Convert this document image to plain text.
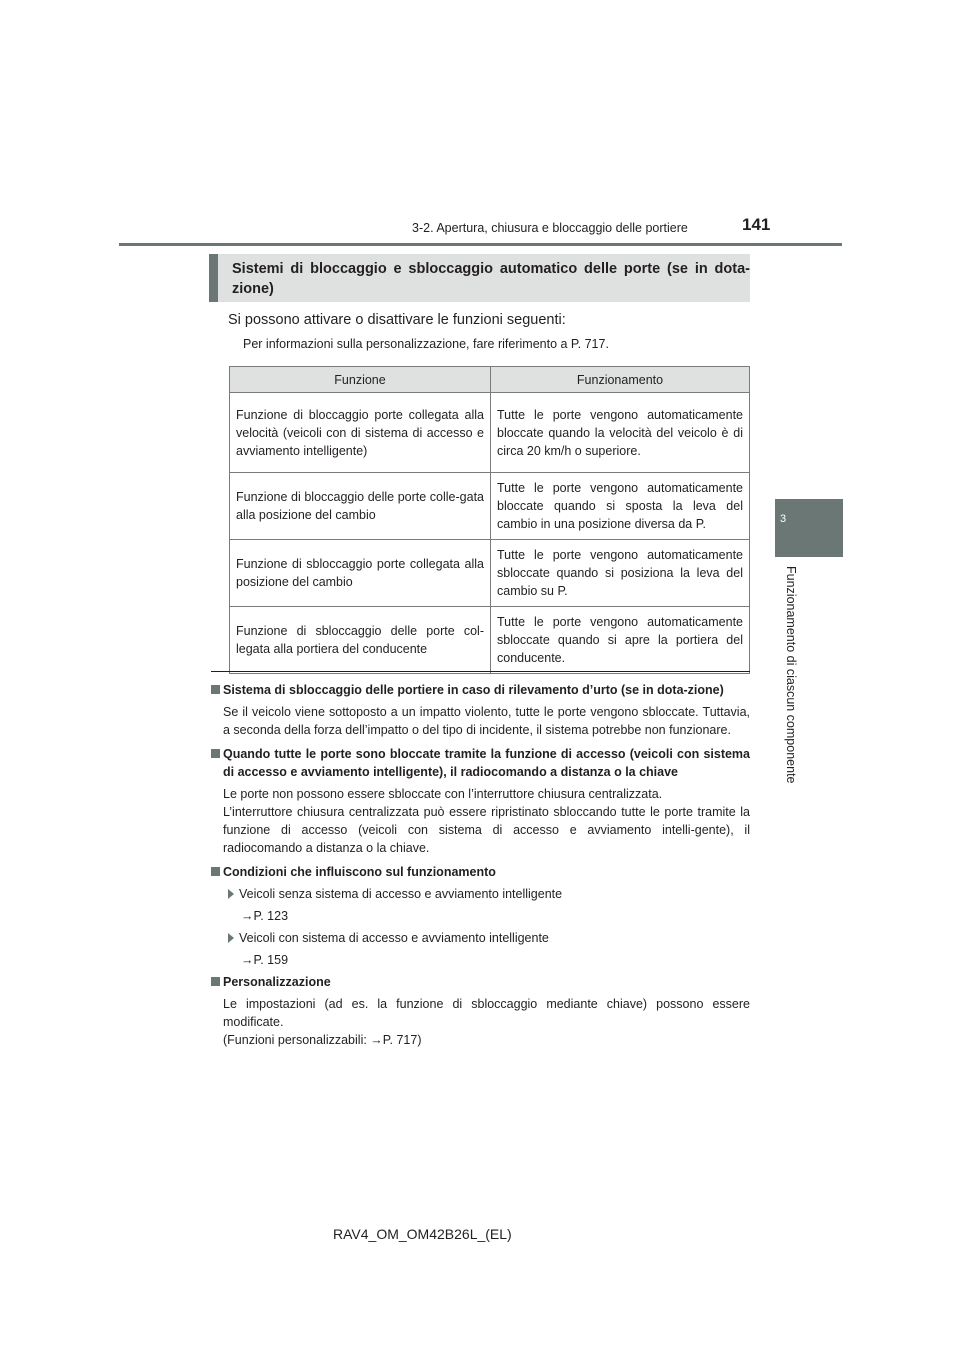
3-2. Apertura, chiusura e bloccaggio delle portiere	141
3
Funzionamento di ciascun componente
Sistemi di bloccaggio e sbloccaggio automatico delle porte (se in dota-zione)
Si possono attivare o disattivare le funzioni seguenti:
Per informazioni sulla personalizzazione, fare riferimento a P. 717.
Funzione	Funzionamento
Funzione di bloccaggio porte collegata alla velocità (veicoli con di sistema di accesso e avviamento intelligente)	Tutte le porte vengono automaticamente bloccate quando la velocità del veicolo è di circa 20 km/h o superiore.
Funzione di bloccaggio delle porte colle-gata alla posizione del cambio	Tutte le porte vengono automaticamente bloccate quando si sposta la leva del cambio in una posizione diversa da P.
Funzione di sbloccaggio porte collegata alla posizione del cambio	Tutte le porte vengono automaticamente sbloccate quando si posiziona la leva del cambio su P.
Funzione di sbloccaggio delle porte col-legata alla portiera del conducente	Tutte le porte vengono automaticamente sbloccate quando si apre la portiera del conducente.
Sistema di sbloccaggio delle portiere in caso di rilevamento d’urto (se in dota-zione)
Se il veicolo viene sottoposto a un impatto violento, tutte le porte vengono sbloccate. Tuttavia, a seconda della forza dell’impatto o del tipo di incidente, il sistema potrebbe non funzionare.
Quando tutte le porte sono bloccate tramite la funzione di accesso (veicoli con sistema di accesso e avviamento intelligente), il radiocomando a distanza o la chiave
Le porte non possono essere sbloccate con l’interruttore chiusura centralizzata.
L’interruttore chiusura centralizzata può essere ripristinato sbloccando tutte le porte tramite la funzione di accesso (veicoli con sistema di accesso e avviamento intelli-gente), il radiocomando a distanza o la chiave.
Condizioni che influiscono sul funzionamento
Veicoli senza sistema di accesso e avviamento intelligente
→P. 123
Veicoli con sistema di accesso e avviamento intelligente
→P. 159
Personalizzazione
Le impostazioni (ad es. la funzione di sbloccaggio mediante chiave) possono essere modificate.
(Funzioni personalizzabili: →P. 717)
RAV4_OM_OM42B26L_(EL)
